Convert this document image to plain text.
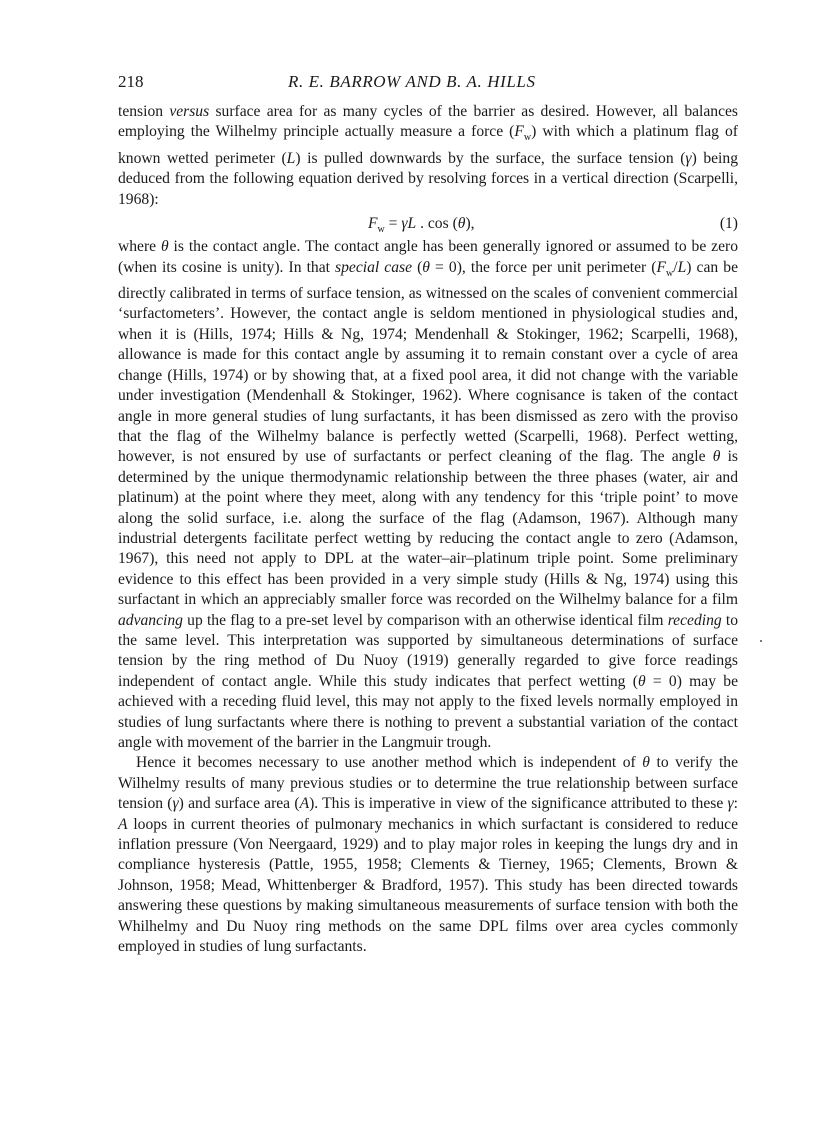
218	R. E. BARROW AND B. A. HILLS

tension versus surface area for as many cycles of the barrier as desired. However, all balances employing the Wilhelmy principle actually measure a force $(F_w)$ with which a platinum flag of known wetted perimeter (L) is pulled downwards by the surface, the surface tension (γ) being deduced from the following equation derived by resolving forces in a vertical direction (Scarpelli, 1968):

$F_w = \gamma L$ . cos (θ),	(1)

where θ is the contact angle. The contact angle has been generally ignored or assumed to be zero (when its cosine is unity). In that special case (θ = 0), the force per unit perimeter $(F_w/L)$ can be directly calibrated in terms of surface tension, as witnessed on the scales of convenient commercial ‘surfactometers’. However, the contact angle is seldom mentioned in physiological studies and, when it is (Hills, 1974; Hills & Ng, 1974; Mendenhall & Stokinger, 1962; Scarpelli, 1968), allowance is made for this contact angle by assuming it to remain constant over a cycle of area change (Hills, 1974) or by showing that, at a fixed pool area, it did not change with the variable under investigation (Mendenhall & Stokinger, 1962). Where cognisance is taken of the contact angle in more general studies of lung surfactants, it has been dismissed as zero with the proviso that the flag of the Wilhelmy balance is perfectly wetted (Scarpelli, 1968). Perfect wetting, however, is not ensured by use of surfactants or perfect cleaning of the flag. The angle θ is determined by the unique thermodynamic relationship between the three phases (water, air and platinum) at the point where they meet, along with any tendency for this ‘triple point’ to move along the solid surface, i.e. along the surface of the flag (Adamson, 1967). Although many industrial detergents facilitate perfect wetting by reducing the contact angle to zero (Adamson, 1967), this need not apply to DPL at the water–air–platinum triple point. Some preliminary evidence to this effect has been provided in a very simple study (Hills & Ng, 1974) using this surfactant in which an appreciably smaller force was recorded on the Wilhelmy balance for a film advancing up the flag to a pre-set level by comparison with an otherwise identical film receding to the same level. This interpretation was supported by simultaneous determinations of surface tension by the ring method of Du Nuoy (1919) generally regarded to give force readings independent of contact angle. While this study indicates that perfect wetting (θ = 0) may be achieved with a receding fluid level, this may not apply to the fixed levels normally employed in studies of lung surfactants where there is nothing to prevent a substantial variation of the contact angle with movement of the barrier in the Langmuir trough.

Hence it becomes necessary to use another method which is independent of θ to verify the Wilhelmy results of many previous studies or to determine the true relationship between surface tension (γ) and surface area (A). This is imperative in view of the significance attributed to these γ: A loops in current theories of pulmonary mechanics in which surfactant is considered to reduce inflation pressure (Von Neergaard, 1929) and to play major roles in keeping the lungs dry and in compliance hysteresis (Pattle, 1955, 1958; Clements & Tierney, 1965; Clements, Brown & Johnson, 1958; Mead, Whittenberger & Bradford, 1957). This study has been directed towards answering these questions by making simultaneous measurements of surface tension with both the Whilhelmy and Du Nuoy ring methods on the same DPL films over area cycles commonly employed in studies of lung surfactants.
